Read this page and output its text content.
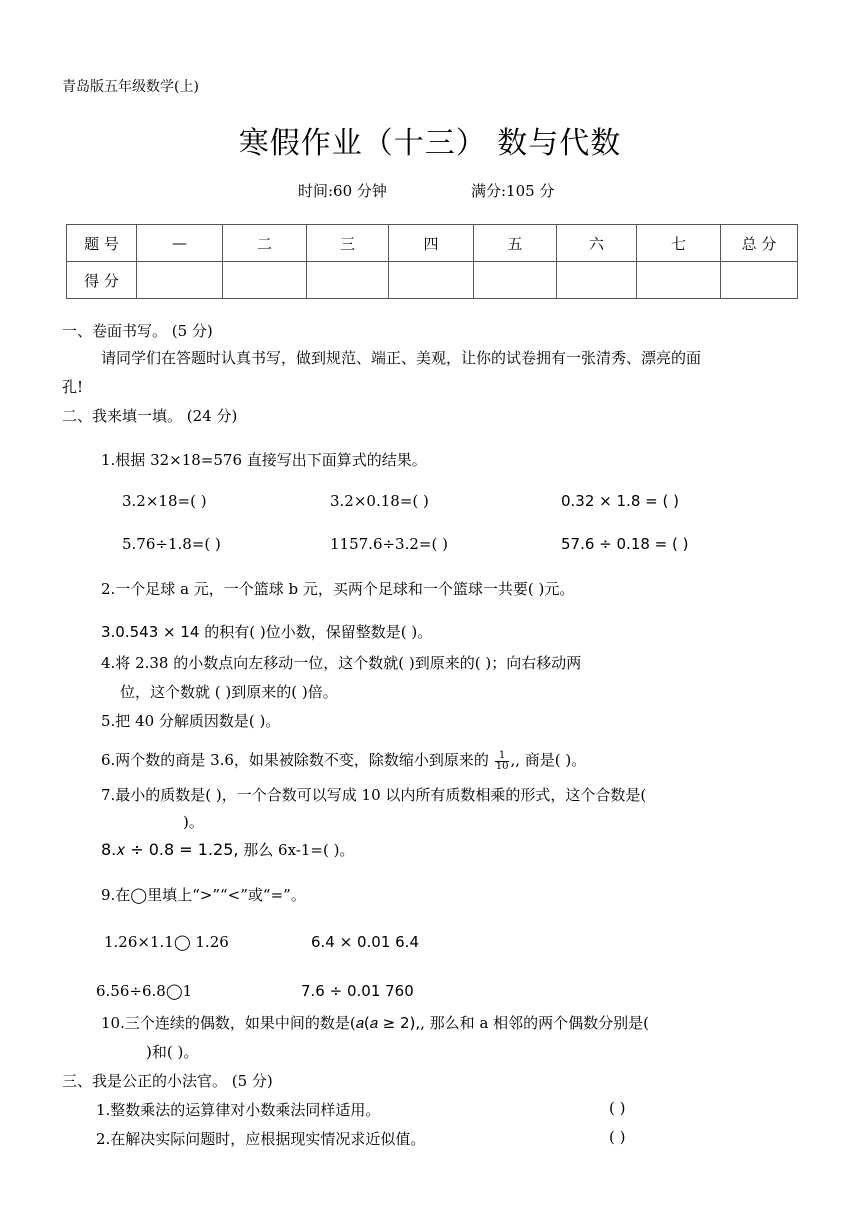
青岛版五年级数学(上)
寒假作业（十三） 数与代数
时间:60 分钟	满分:105 分
题 号	—	二	三	四	五	六	七	总 分
得 分								
一、卷面书写。 (5 分)
请同学们在答题时认真书写，做到规范、端正、美观，让你的试卷拥有一张清秀、漂亮的面
孔!
二、我来填一填。 (24 分)
1.根据 32×18=576 直接写出下面算式的结果。
3.2×18=( )	3.2×0.18=( )	0.32 × 1.8 = ( )
5.76÷1.8=( )	1157.6÷3.2=( )	57.6 ÷ 0.18 = ( )
2.一个足球 a 元，一个篮球 b 元，买两个足球和一个篮球一共要( )元。
3.0.543 × 14 的积有( )位小数，保留整数是( )。
4.将 2.38 的小数点向左移动一位，这个数就( )到原来的( )；向右移动两
位，这个数就 ( )到原来的( )倍。
5.把 40 分解质因数是( )。
6.两个数的商是 3.6，如果被除数不变，除数缩小到原来的 $\frac{1}{10}$ ,, 商是( )。
7.最小的质数是( )，一个合数可以写成 10 以内所有质数相乘的形式，这个合数是(
)。
8.𝑥 ÷ 0.8 = 1.25, 那么 6x-1=( )。
9.在◯里填上“>”“<”或“=”。
1.26×1.1◯ 1.26	6.4 × 0.01 6.4
6.56÷6.8◯1	7.6 ÷ 0.01 760
10.三个连续的偶数，如果中间的数是(𝑎(𝑎 ≥ 2),, 那么和 a 相邻的两个偶数分别是(
)和( )。
三、我是公正的小法官。 (5 分)
1.整数乘法的运算律对小数乘法同样适用。	( )
2.在解决实际问题时，应根据现实情况求近似值。	( )
